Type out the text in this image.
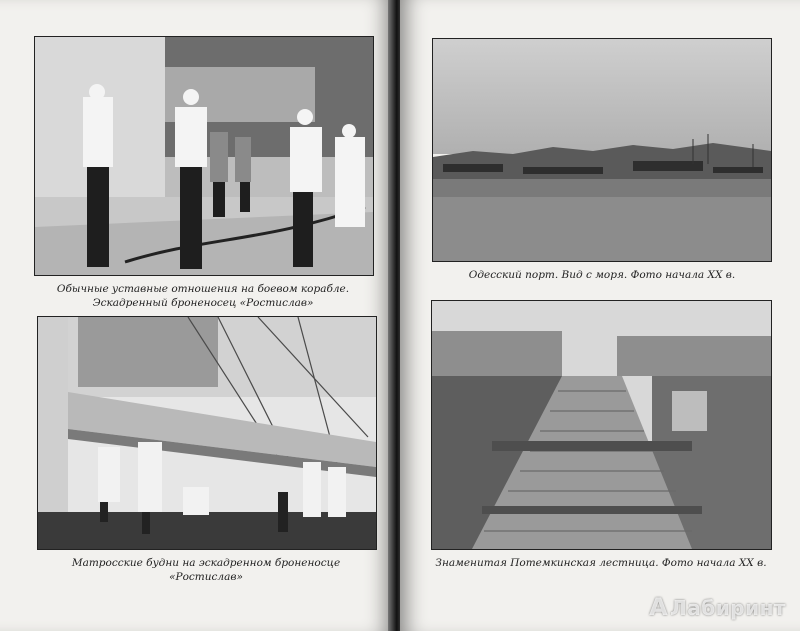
Обычные уставные отношения на боевом корабле. Эскадренный броненосец «Ростислав»
Матросские будни на эскадренном броненосце «Ростислав»
Одесский порт. Вид с моря. Фото начала XX в.
Знаменитая Потемкинская лестница. Фото начала XX в.
A Лабиринт
